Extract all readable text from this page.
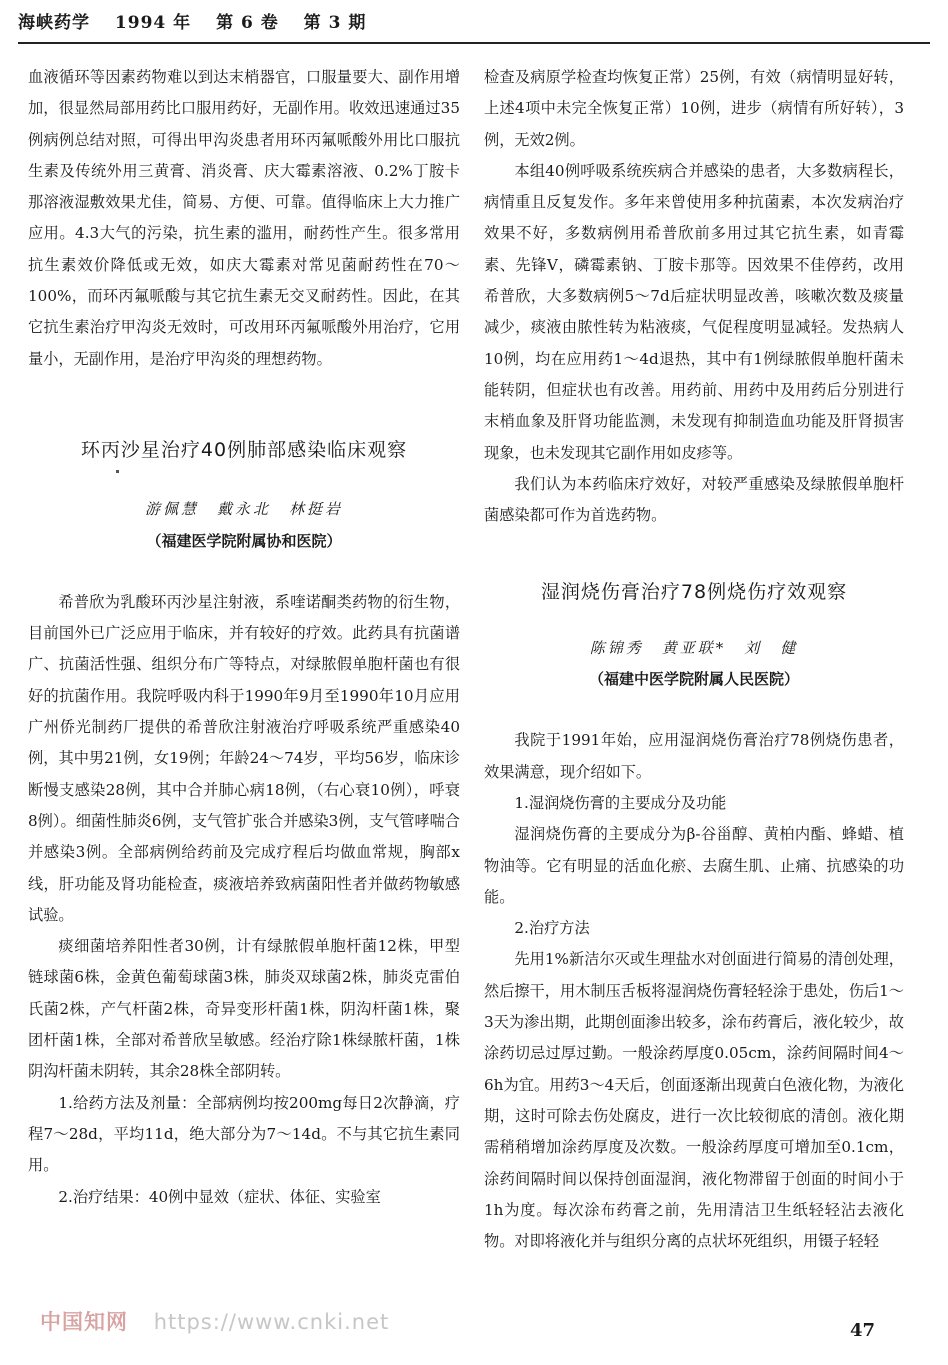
海峡药学 1994 年 第 6 卷 第 3 期

血液循环等因素药物难以到达末梢器官，口服量要大、副作用增加，很显然局部用药比口服用药好，无副作用。收效迅速通过35例病例总结对照，可得出甲沟炎患者用环丙氟哌酸外用比口服抗生素及传统外用三黄膏、消炎膏、庆大霉素溶液、0.2%丁胺卡那溶液湿敷效果尤佳，简易、方便、可靠。值得临床上大力推广应用。4.3大气的污染，抗生素的滥用，耐药性产生。很多常用抗生素效价降低或无效，如庆大霉素对常见菌耐药性在70～100%，而环丙氟哌酸与其它抗生素无交叉耐药性。因此，在其它抗生素治疗甲沟炎无效时，可改用环丙氟哌酸外用治疗，它用量小，无副作用，是治疗甲沟炎的理想药物。

环丙沙星治疗40例肺部感染临床观察

游佩慧　戴永北　林挺岩

（福建医学院附属协和医院）

希普欣为乳酸环丙沙星注射液，系喹诺酮类药物的衍生物，目前国外已广泛应用于临床，并有较好的疗效。此药具有抗菌谱广、抗菌活性强、组织分布广等特点，对绿脓假单胞杆菌也有很好的抗菌作用。我院呼吸内科于1990年9月至1990年10月应用广州侨光制药厂提供的希普欣注射液治疗呼吸系统严重感染40例，其中男21例，女19例；年龄24～74岁，平均56岁，临床诊断慢支感染28例，其中合并肺心病18例，（右心衰10例），呼衰8例）。细菌性肺炎6例，支气管扩张合并感染3例，支气管哮喘合并感染3例。全部病例给药前及完成疗程后均做血常规，胸部x线，肝功能及肾功能检查，痰液培养致病菌阳性者并做药物敏感试验。

痰细菌培养阳性者30例，计有绿脓假单胞杆菌12株，甲型链球菌6株，金黄色葡萄球菌3株，肺炎双球菌2株，肺炎克雷伯氏菌2株，产气杆菌2株，奇异变形杆菌1株，阴沟杆菌1株，聚团杆菌1株，全部对希普欣呈敏感。经治疗除1株绿脓杆菌，1株阴沟杆菌未阴转，其余28株全部阴转。

1.给药方法及剂量：全部病例均按200mg每日2次静滴，疗程7～28d，平均11d，绝大部分为7～14d。不与其它抗生素同用。

2.治疗结果：40例中显效（症状、体征、实验室

检查及病原学检查均恢复正常）25例，有效（病情明显好转，上述4项中未完全恢复正常）10例，进步（病情有所好转），3例，无效2例。

本组40例呼吸系统疾病合并感染的患者，大多数病程长，病情重且反复发作。多年来曾使用多种抗菌素，本次发病治疗效果不好，多数病例用希普欣前多用过其它抗生素，如青霉素、先锋Ⅴ，磷霉素钠、丁胺卡那等。因效果不佳停药，改用希普欣，大多数病例5～7d后症状明显改善，咳嗽次数及痰量减少，痰液由脓性转为粘液痰，气促程度明显减轻。发热病人10例，均在应用药1～4d退热，其中有1例绿脓假单胞杆菌未能转阴，但症状也有改善。用药前、用药中及用药后分别进行末梢血象及肝肾功能监测，未发现有抑制造血功能及肝肾损害现象，也未发现其它副作用如皮疹等。

我们认为本药临床疗效好，对较严重感染及绿脓假单胞杆菌感染都可作为首选药物。

湿润烧伤膏治疗78例烧伤疗效观察

陈锦秀　黄亚联*　刘　健

（福建中医学院附属人民医院）

我院于1991年始，应用湿润烧伤膏治疗78例烧伤患者，效果满意，现介绍如下。

1.湿润烧伤膏的主要成分及功能

湿润烧伤膏的主要成分为β-谷甾醇、黄柏内酯、蜂蜡、植物油等。它有明显的活血化瘀、去腐生肌、止痛、抗感染的功能。

2.治疗方法

先用1%新洁尔灭或生理盐水对创面进行简易的清创处理，然后擦干，用木制压舌板将湿润烧伤膏轻轻涂于患处，伤后1～3天为渗出期，此期创面渗出较多，涂布药膏后，液化较少，故涂药切忌过厚过勤。一般涂药厚度0.05cm，涂药间隔时间4～6h为宜。用药3～4天后，创面逐渐出现黄白色液化物，为液化期，这时可除去伤处腐皮，进行一次比较彻底的清创。液化期需稍稍增加涂药厚度及次数。一般涂药厚度可增加至0.1cm，涂药间隔时间以保持创面湿润，液化物滞留于创面的时间小于1h为度。每次涂布药膏之前，先用清洁卫生纸轻轻沾去液化物。对即将液化并与组织分离的点状坏死组织，用镊子轻轻

中国知网 https://www.cnki.net	47
